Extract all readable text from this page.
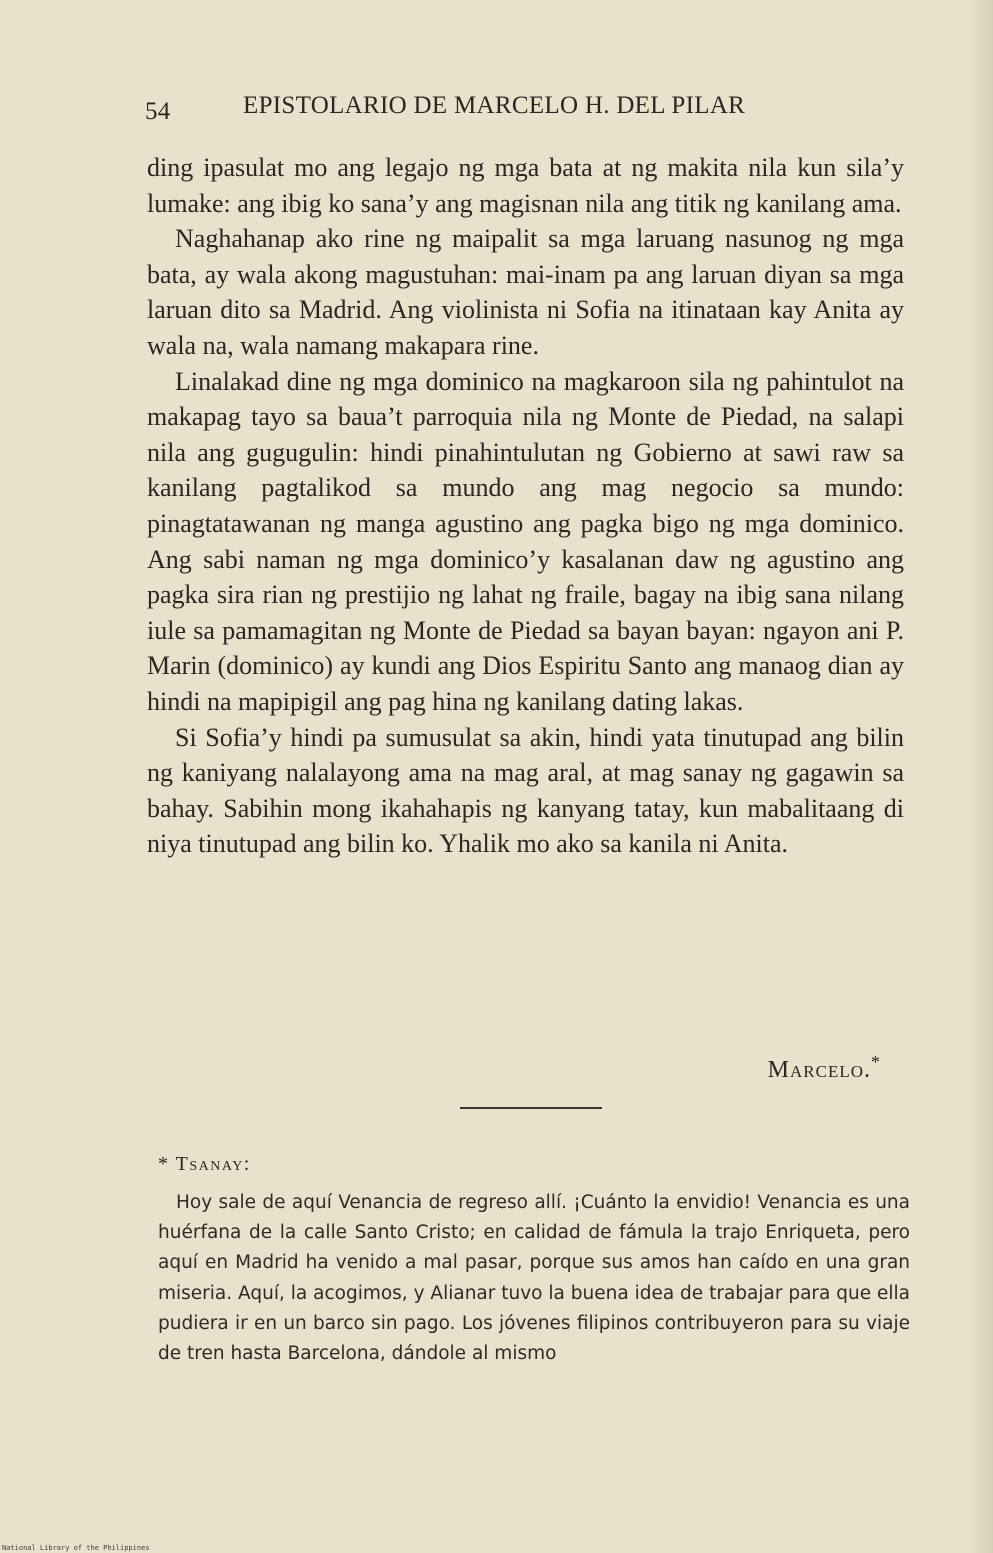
54	EPISTOLARIO DE MARCELO H. DEL PILAR

ding ipasulat mo ang legajo ng mga bata at ng makita nila kun sila’y lumake: ang ibig ko sana’y ang magisnan nila ang titik ng kanilang ama.

Naghahanap ako rine ng maipalit sa mga laruang nasunog ng mga bata, ay wala akong magustuhan: mai-inam pa ang laruan diyan sa mga laruan dito sa Madrid. Ang violinista ni Sofia na itinataan kay Anita ay wala na, wala namang makapara rine.

Linalakad dine ng mga dominico na magkaroon sila ng pahintulot na makapag tayo sa baua’t parroquia nila ng Monte de Piedad, na salapi nila ang gugugulin: hindi pinahintulutan ng Gobierno at sawi raw sa kanilang pagtalikod sa mundo ang mag negocio sa mundo: pinagtatawanan ng manga agustino ang pagka bigo ng mga dominico. Ang sabi naman ng mga dominico’y kasalanan daw ng agustino ang pagka sira rian ng prestijio ng lahat ng fraile, bagay na ibig sana nilang iule sa pamamagitan ng Monte de Piedad sa bayan bayan: ngayon ani P. Marin (dominico) ay kundi ang Dios Espiritu Santo ang manaog dian ay hindi na mapipigil ang pag hina ng kanilang dating lakas.

Si Sofia’y hindi pa sumusulat sa akin, hindi yata tinutupad ang bilin ng kaniyang nalalayong ama na mag aral, at mag sanay ng gagawin sa bahay. Sabihin mong ikahahapis ng kanyang tatay, kun mabalitaang di niya tinutupad ang bilin ko. Yhalik mo ako sa kanila ni Anita.

Marcelo.*
* Tsanay:

Hoy sale de aquí Venancia de regreso allí. ¡Cuánto la envidio! Venancia es una huérfana de la calle Santo Cristo; en calidad de fámula la trajo Enriqueta, pero aquí en Madrid ha venido a mal pasar, porque sus amos han caído en una gran miseria. Aquí, la acogimos, y Alianar tuvo la buena idea de trabajar para que ella pudiera ir en un barco sin pago. Los jóvenes filipinos contribuyeron para su viaje de tren hasta Barcelona, dándole al mismo

National Library of the Philippines
